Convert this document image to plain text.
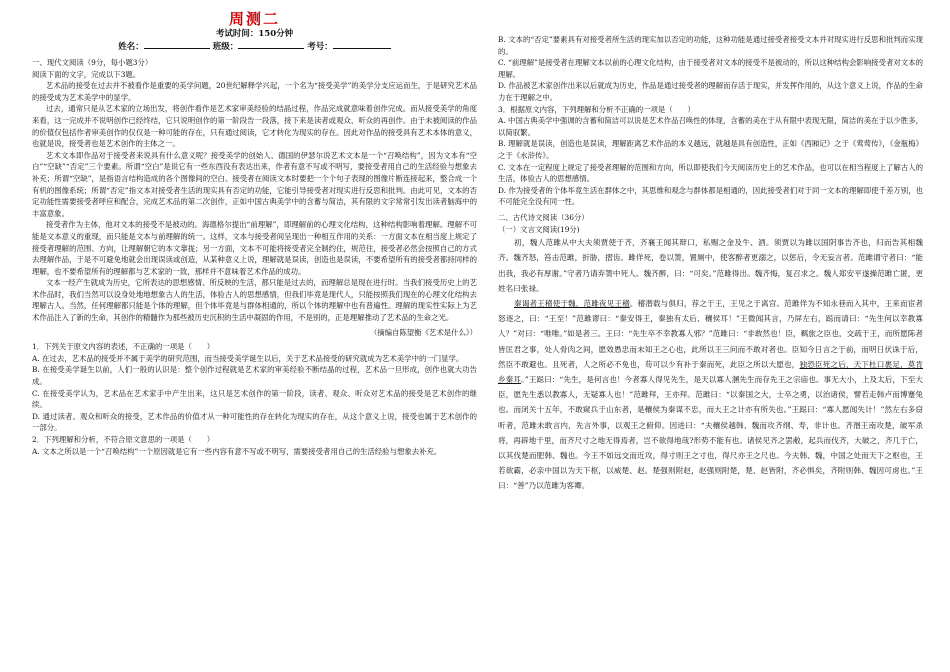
周测二
考试时间：150分钟
姓名：	班级：	考号：

一、现代文阅读（9分，每小题3分）

阅读下面的文字，完成以下3题。

艺术品的接受在过去并不被看作是重要的美学问题，20世纪解释学兴起，一个名为“接受美学”的美学分支应运而生，于是研究艺术品的接受成为艺术美学中的显学。

过去，通常只是从艺术家的立场出发，将创作看作是艺术家审美经验的结晶过程，作品完成就意味着创作完成。而从接受美学的角度来看，这一完成并不说明创作已经终结，它只说明创作的第一阶段告一段落，接下来是读者或观众、听众的再创作。由于未被阅读的作品的价值仅包括作者审美创作的仅仅是一种可能的存在，只有通过阅读，它才转化为现实的存在。因此对作品的接受具有艺术本体的意义，也就是说，接受者也是艺术创作的主体之一。

艺术文本即作品对于接受者来说具有什么意义呢？接受美学的创始人、德国的伊瑟尔说艺术文本是一个“召唤结构”，因为文本有“空白”“空缺”“否定”三个要素。所谓“空白”是说它有一些东西没有表达出来，作者有意不写或不明写，要接受者用自己的生活经验与想象去补充；所谓“空缺”，是指语言结构造成的各个图像间的空白。接受者在阅读文本时要把一个个句子表现的图像片断连接起来，整合成一个有机的图像系统；所谓“否定”指文本对接受者生活的现实具有否定的功能，它能引导接受者对现实进行反思和批判。由此可见，文本的否定功能性需要接受者呼应和配合，完成艺术品的第二次创作，正如中国古典美学中的含蓄与简洁，其有限的文字常常引发出读者脑海中的丰富意象。

接受者作为主体，他对文本的接受不是被动的。海德格尔提出“前理解”，即理解前的心理文化结构，这种结构影响着理解。理解不可能是文本意义的重现，而只能是文本与前理解的统一。这样，文本与接受者间呈现出一种相互作用的关系：一方面文本在相当度上规定了接受者理解的范围、方向，让理解朝它的本文靠拢；另一方面，文本不可能将接受者完全制约住，规范住，接受者必然会按照自己的方式去理解作品，于是不可避免地就会出现误读或创造，从某种意义上说，理解就是误读，创造也是误读，不要希望所有的接受者都持同样的理解，也不要希望所有的理解都与艺术家的一致，那样并不意味着艺术作品的成功。

文本一经产生就成为历史，它所表达的思想感情、所反映的生活，都只能是过去的，而理解总是现在进行时。当我们接受历史上的艺术作品时，我们当然可以设身处地地想象古人的生活，体验古人的思想感情，但我们毕竟是现代人，只能按照我们现在的心理文化结构去理解古人。当然，任何理解都只能是个体的理解，但个体毕竟是与群体相通的，所以个体的理解中也有普遍性。理解的现实性实际上为艺术作品注入了新的生命，其创作的精髓作为那些被历史沉积的生活中凝固的作用，不是别的，正是理解推动了艺术品的生命之光。

（摘编自陈望衡《艺术是什么》）

1．下列关于原文内容的表述，不正确的一项是（　　）

A. 在过去，艺术品的接受并不属于美学的研究范围，而当接受美学诞生以后，关于艺术品接受的研究就成为艺术美学中的一门显学。

B. 在接受美学诞生以前，人们一般的认识是：整个创作过程就是艺术家的审美经验不断结晶的过程，艺术品一旦形成，创作也就大功告成。

C. 在接受美学认为，艺术品在艺术家手中产生出来，这只是艺术创作的第一阶段，读者、观众、听众对艺术品的接受是艺术创作的继续。

D. 通过读者、观众和听众的接受，艺术作品的价值才从一种可能性的存在转化为现实的存在，从这个意义上说，接受也属于艺术创作的一部分。

2．下列理解和分析，不符合原文意思的一项是（　　）

A. 文本之所以是一个“召唤结构”一个原因就是它有一些内容有意不写或不明写，需要接受者用自己的生活经验与想象去补充。

B. 文本的“否定”要素具有对接受者所生活的现实加以否定的功能，这种功能是通过接受者接受文本并对现实进行反思和批判而实现的。

C. “前理解”是接受者在理解文本以前的心理文化结构，由于接受者对文本的接受不是被动的，所以这种结构会影响接受者对文本的理解。

D. 作品被艺术家创作出来以后就成为历史，作品是通过接受者的理解而存活于现实，并发挥作用的，从这个意义上说，作品的生命力在于理解之中。

3．根据原文内容，下列理解和分析不正确的一项是（　　）

A. 中国古典美学中强调的含蓄和简洁可以说是艺术作品召唤性的体现，含蓄的美在于从有限中表现无限，简洁的美在于以少胜多，以简驭繁。

B. 理解就是误读，创造也是误读，理解距离艺术作品的本义越远，就越是具有创造性，正如《西厢记》之于《莺莺传》，《金瓶梅》之于《水浒传》。

C. 文本在一定程度上规定了接受者理解的范围和方向，所以即使我们今天阅读历史上的艺术作品，也可以在相当程度上了解古人的生活，体验古人的思想感情。

D. 作为接受者的个体毕竟生活在群体之中，其思维和观念与群体都是相通的，因此接受者们对于同一文本的理解即使千差万别，也不可能完全没有同一性。

二、古代诗文阅读（36分）

（一）文言文阅读(19分)

初，魏人范雎从中大夫须贾使于齐，齐襄王闻其辩口，私赐之金及牛、酒。须贾以为雎以国阴事告齐也，归而告其相魏齐。魏齐怒，笞击范雎，折胁，摺齿。雎佯死，卷以箦，置厕中，使客醉者更溺之，以惩后，令无妄言者。范雎谓守者曰：“能出我，我必有厚谢。”守者乃请弃箦中死人。魏齐醉，曰：“可矣。”范雎得出。魏齐悔，复召求之。魏人郑安平遂操范雎亡匿，更姓名曰张禄。

秦谒者王稽使于魏，范雎夜见王稽。稽潜载与俱归，荐之于王，王见之于离宫。范雎佯为不知永巷而入其中，王来而宦者怒逐之，曰：“王至！”范雎谬曰：“秦安得王，秦独有太后、穰侯耳！”王微闻其言，乃屏左右，跽而请曰：“先生何以幸教寡人？”对曰：“唯唯。”如是者三。王曰：“先生卒不幸教寡人邪？”范雎曰：“非敢然也！臣，羁旅之臣也，交疏于王，而所愿陈者皆匡君之事，处人骨肉之间，愿效愚忠而未知王之心也，此所以王三问而不敢对者也。臣知今日言之于前，而明日伏诛于后，然臣不敢避也。且死者，人之所必不免也，苟可以少有补于秦而死，此臣之所以大愿也，独恐臣死之后，天下杜口裹足，莫肯乡秦耳。”王跽曰：“先生，是何言也！今者寡人得见先生，是天以寡人溷先生而存先王之宗庙也。事无大小，上及太后，下至大臣，愿先生悉以教寡人，无疑寡人也！”范雎拜，王亦拜。范雎曰：“以秦国之大，士卒之勇，以治诸侯，譬若走韩卢而博蹇兔也。而闭关十五年，不敢窥兵于山东者，是穰侯为秦谋不忠，而大王之计亦有所失也。”王跽曰：“寡人愿闻失计！”然左右多窃听者，范雎未敢言内，先言外事，以观王之俯仰。因进曰：“夫穰侯越韩、魏而攻齐纲、寿，非计也。齐湣王南攻楚，破军杀将，再辟地千里，而齐尺寸之地无得焉者，岂不欲得地哉?形势不能有也。诸侯见齐之罢敝，起兵而伐齐，大破之，齐几于亡，以其伐楚而肥韩、魏也。今王不如远交而近攻，得寸则王之寸也，得尺亦王之尺也。今夫韩、魏，中国之处而天下之枢也，王若欲霸，必亲中国以为天下枢，以威楚、赵。楚强则附赵，赵强则附楚，楚、赵皆附，齐必惧矣，齐附则韩、魏因可虏也。”王曰：“善”乃以范雎为客卿。
